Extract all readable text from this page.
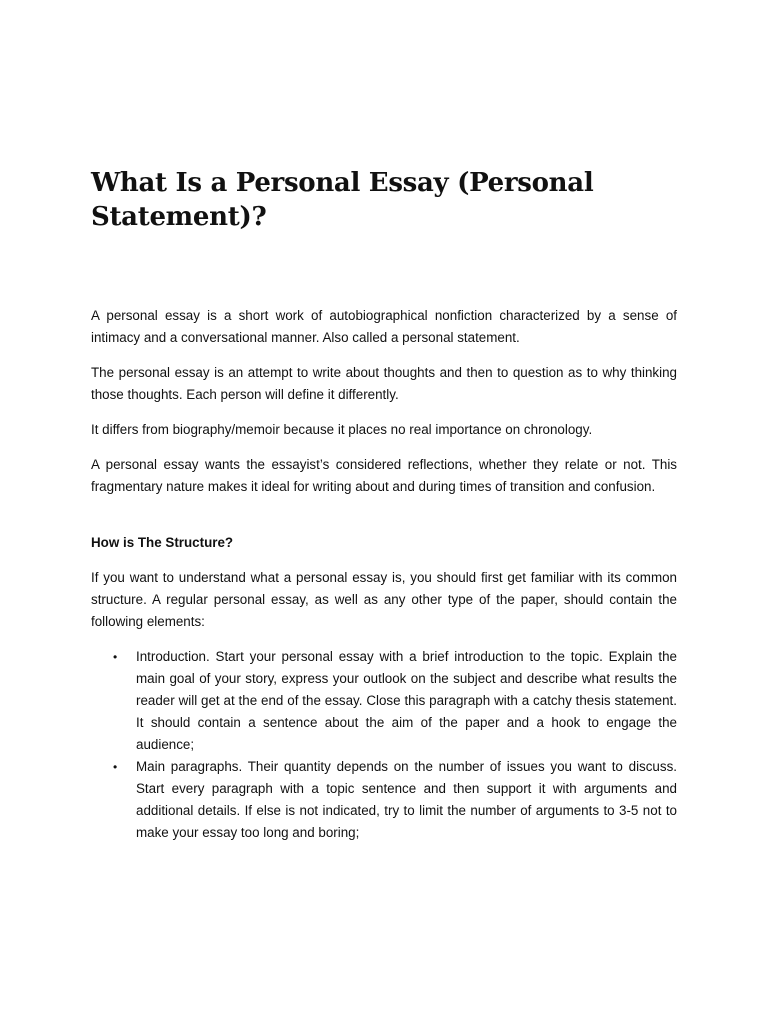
What Is a Personal Essay (Personal Statement)?

A personal essay is a short work of autobiographical nonfiction characterized by a sense of intimacy and a conversational manner. Also called a personal statement.

The personal essay is an attempt to write about thoughts and then to question as to why thinking those thoughts. Each person will define it differently.

It differs from biography/memoir because it places no real importance on chronology.

A personal essay wants the essayist’s considered reflections, whether they relate or not. This fragmentary nature makes it ideal for writing about and during times of transition and confusion.

How is The Structure?

If you want to understand what a personal essay is, you should first get familiar with its common structure. A regular personal essay, as well as any other type of the paper, should contain the following elements:

• Introduction. Start your personal essay with a brief introduction to the topic. Explain the main goal of your story, express your outlook on the subject and describe what results the reader will get at the end of the essay. Close this paragraph with a catchy thesis statement. It should contain a sentence about the aim of the paper and a hook to engage the audience;
• Main paragraphs. Their quantity depends on the number of issues you want to discuss. Start every paragraph with a topic sentence and then support it with arguments and additional details. If else is not indicated, try to limit the number of arguments to 3-5 not to make your essay too long and boring;
